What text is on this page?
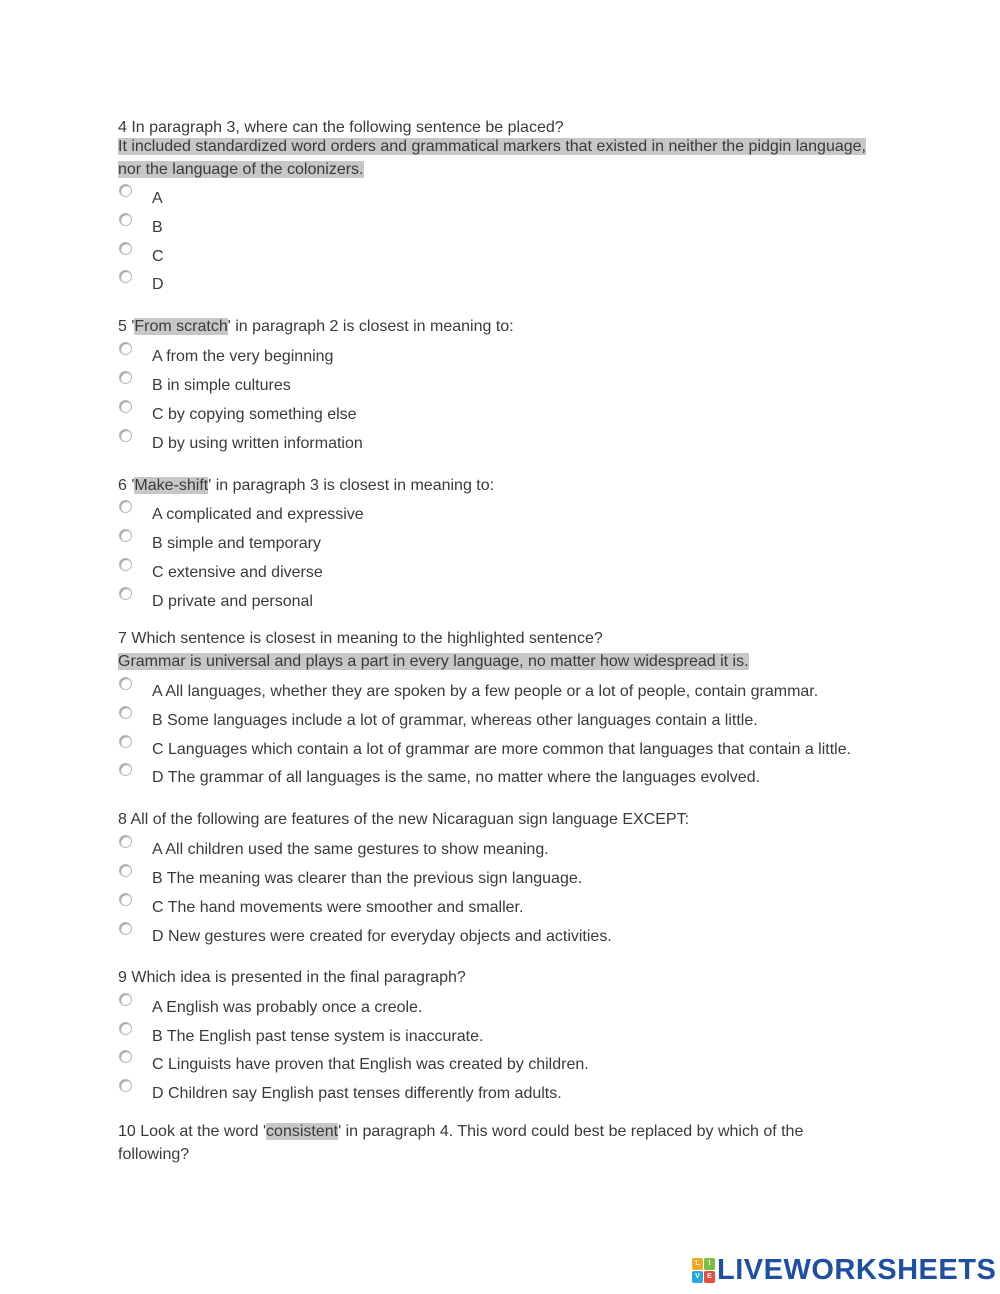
4 In paragraph 3, where can the following sentence be placed?
It included standardized word orders and grammatical markers that existed in neither the pidgin language, nor the language of the colonizers.
A
B
C
D
5 'From scratch' in paragraph 2 is closest in meaning to:
A from the very beginning
B in simple cultures
C by copying something else
D by using written information
6 'Make-shift' in paragraph 3 is closest in meaning to:
A complicated and expressive
B simple and temporary
C extensive and diverse
D private and personal
7 Which sentence is closest in meaning to the highlighted sentence?
Grammar is universal and plays a part in every language, no matter how widespread it is.
A All languages, whether they are spoken by a few people or a lot of people, contain grammar.
B Some languages include a lot of grammar, whereas other languages contain a little.
C Languages which contain a lot of grammar are more common that languages that contain a little.
D The grammar of all languages is the same, no matter where the languages evolved.
8 All of the following are features of the new Nicaraguan sign language EXCEPT:
A All children used the same gestures to show meaning.
B The meaning was clearer than the previous sign language.
C The hand movements were smoother and smaller.
D New gestures were created for everyday objects and activities.
9 Which idea is presented in the final paragraph?
A English was probably once a creole.
B The English past tense system is inaccurate.
C Linguists have proven that English was created by children.
D Children say English past tenses differently from adults.
10 Look at the word 'consistent' in paragraph 4. This word could best be replaced by which of the following?
L	I
V	E LIVEWORKSHEETS
